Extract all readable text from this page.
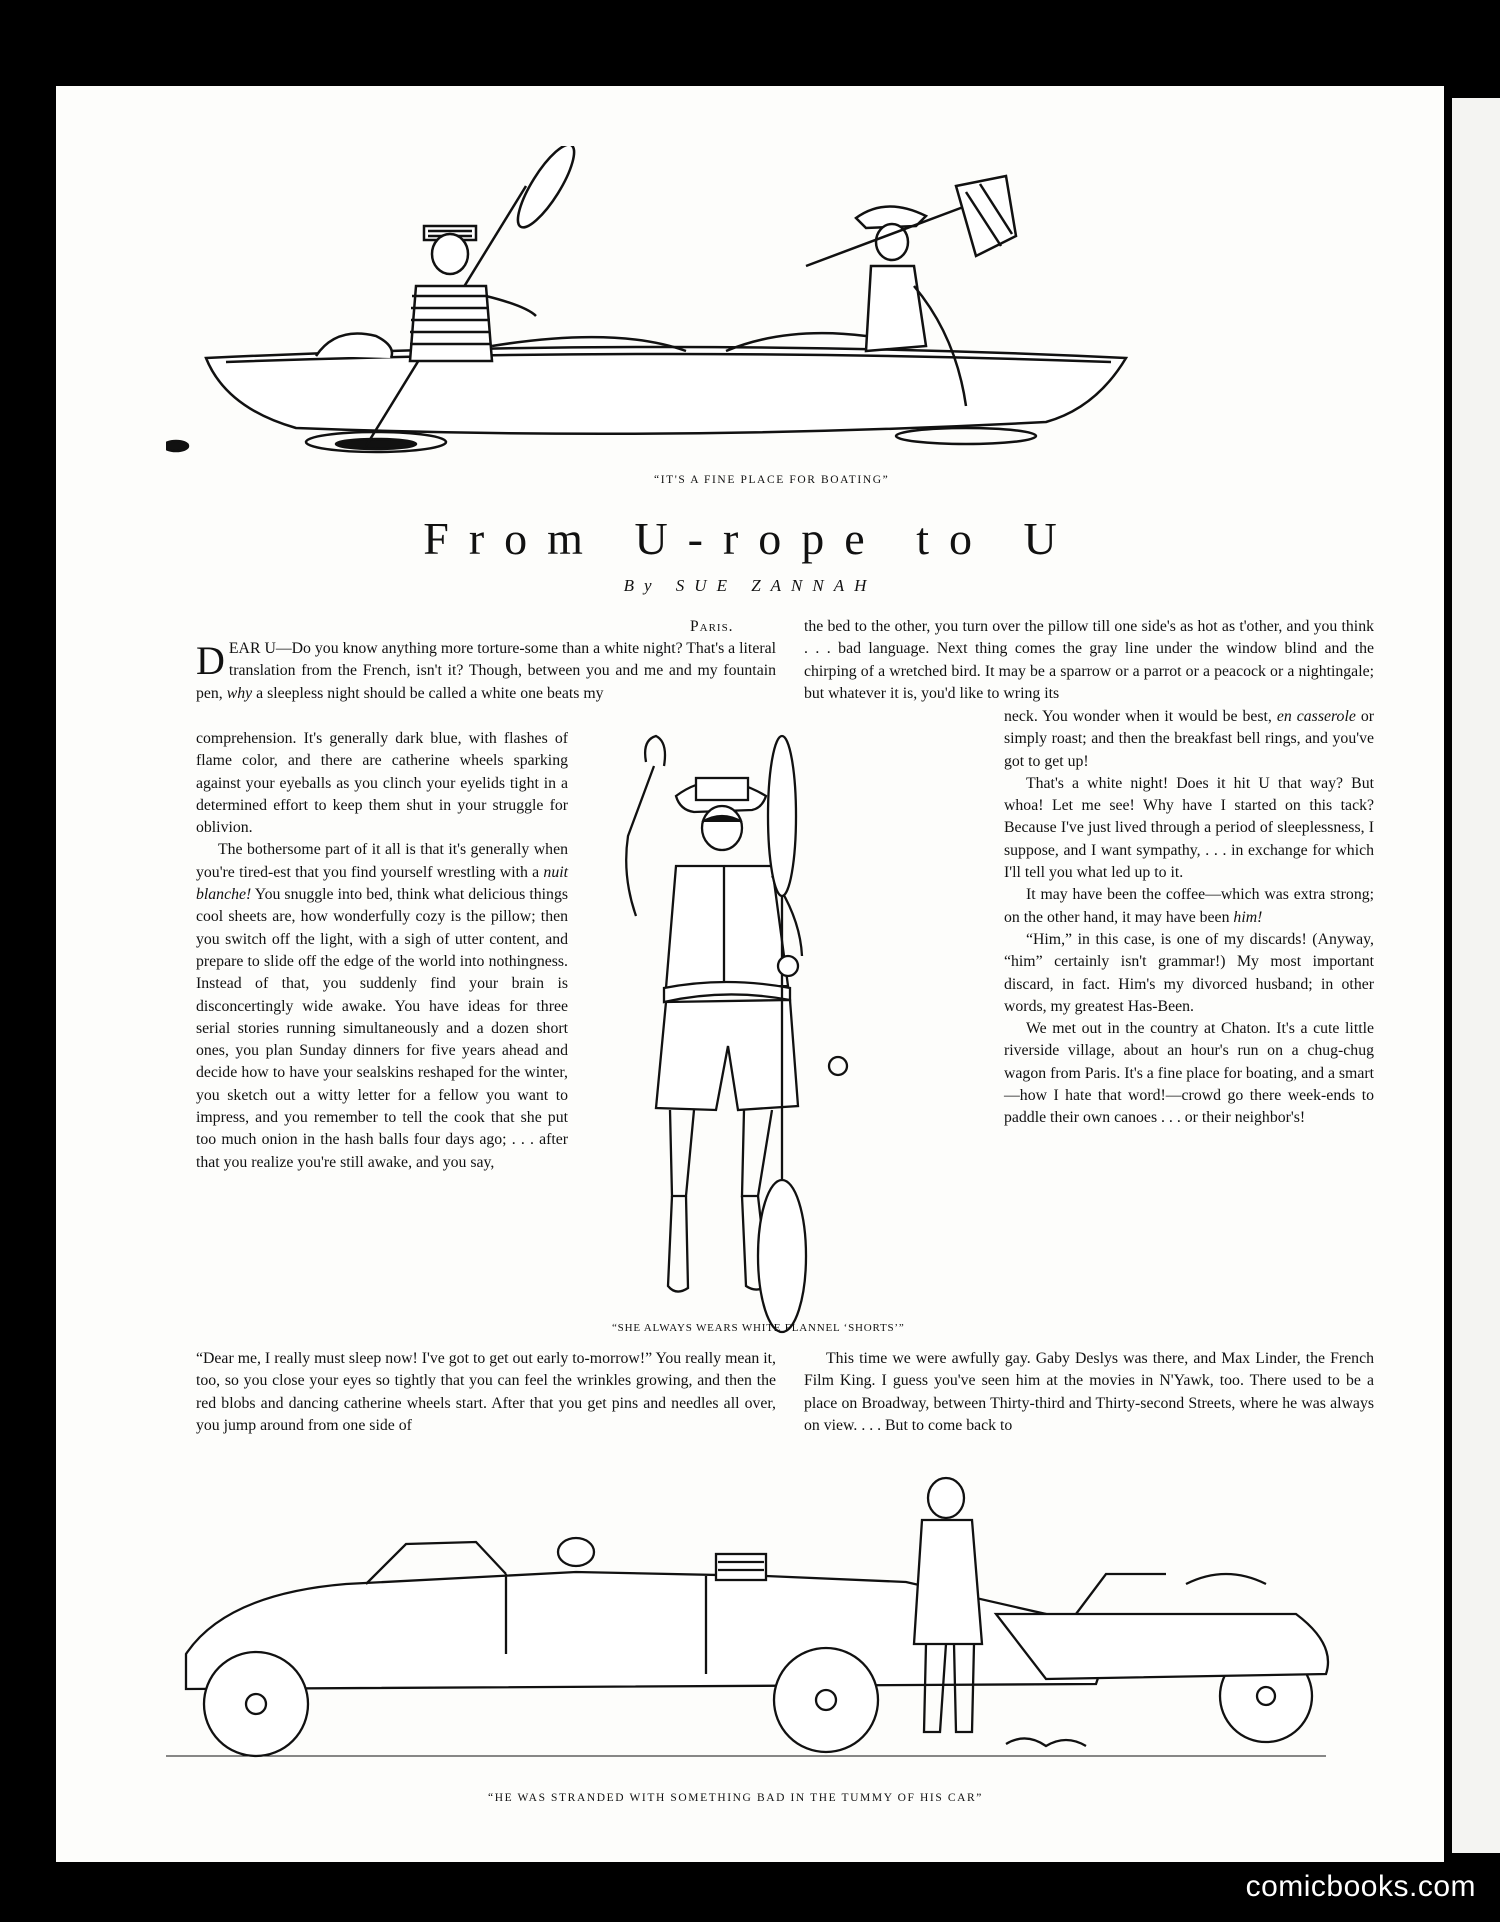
“IT'S A FINE PLACE FOR BOATING”
From U-rope to U
By SUE ZANNAH
Paris.

DEAR U—Do you know anything more torture-some than a white night? That's a literal translation from the French, isn't it? Though, between you and me and my fountain pen, why a sleepless night should be called a white one beats my

comprehension. It's generally dark blue, with flashes of flame color, and there are catherine wheels sparking against your eyeballs as you clinch your eyelids tight in a determined effort to keep them shut in your struggle for oblivion.

The bothersome part of it all is that it's generally when you're tired-est that you find yourself wrestling with a nuit blanche! You snuggle into bed, think what delicious things cool sheets are, how wonderfully cozy is the pillow; then you switch off the light, with a sigh of utter content, and prepare to slide off the edge of the world into nothingness. Instead of that, you suddenly find your brain is disconcertingly wide awake. You have ideas for three serial stories running simultaneously and a dozen short ones, you plan Sunday dinners for five years ahead and decide how to have your sealskins reshaped for the winter, you sketch out a witty letter for a fellow you want to impress, and you remember to tell the cook that she put too much onion in the hash balls four days ago; . . . after that you realize you're still awake, and you say,

“Dear me, I really must sleep now! I've got to get out early to-morrow!” You really mean it, too, so you close your eyes so tightly that you can feel the wrinkles growing, and then the red blobs and dancing catherine wheels start. After that you get pins and needles all over, you jump around from one side of

the bed to the other, you turn over the pillow till one side's as hot as t'other, and you think . . . bad language. Next thing comes the gray line under the window blind and the chirping of a wretched bird. It may be a sparrow or a parrot or a peacock or a nightingale; but whatever it is, you'd like to wring its

neck. You wonder when it would be best, en casserole or simply roast; and then the breakfast bell rings, and you've got to get up!

That's a white night! Does it hit U that way? But whoa! Let me see! Why have I started on this tack? Because I've just lived through a period of sleeplessness, I suppose, and I want sympathy, . . . in exchange for which I'll tell you what led up to it.

It may have been the coffee—which was extra strong; on the other hand, it may have been him!

“Him,” in this case, is one of my discards! (Anyway, “him” certainly isn't grammar!) My most important discard, in fact. Him's my divorced husband; in other words, my greatest Has-Been.

We met out in the country at Chaton. It's a cute little riverside village, about an hour's run on a chug-chug wagon from Paris. It's a fine place for boating, and a smart—how I hate that word!—crowd go there week-ends to paddle their own canoes . . . or their neighbor's!

This time we were awfully gay. Gaby Deslys was there, and Max Linder, the French Film King. I guess you've seen him at the movies in N'Yawk, too. There used to be a place on Broadway, between Thirty-third and Thirty-second Streets, where he was always on view. . . . But to come back to

“SHE ALWAYS WEARS WHITE FLANNEL ‘SHORTS’”
“HE WAS STRANDED WITH SOMETHING BAD IN THE TUMMY OF HIS CAR”
comicbooks.com
